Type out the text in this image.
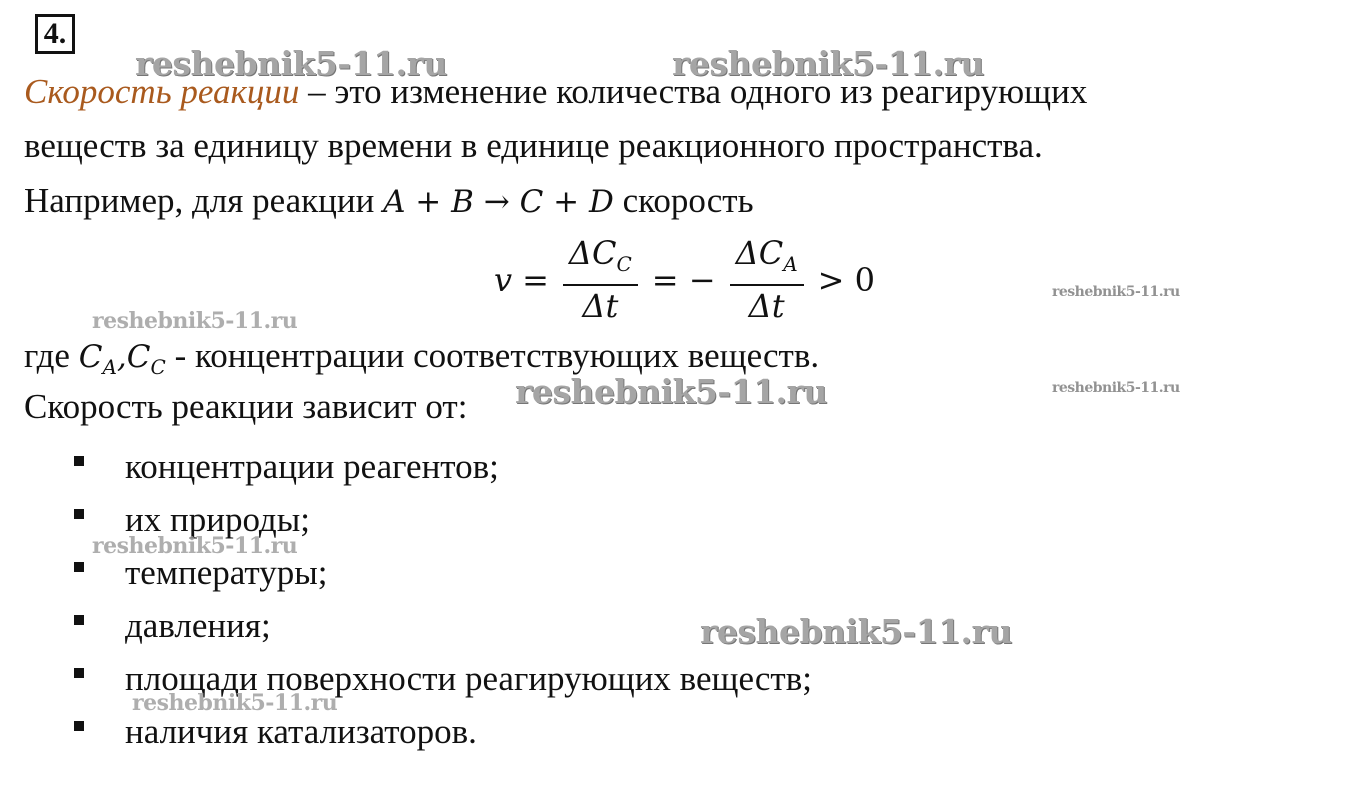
4.
Скорость реакции – это изменение количества одного из реагирующих
веществ за единицу времени в единице реакционного пространства.
Например, для реакции A + B → C + D скорость
$v = \frac{\Delta C_C}{\Delta t}$ = − $\frac{\Delta C_A}{\Delta t} > 0$
где $C_A,C_C$ - концентрации соответствующих веществ.
Скорость реакции зависит от:
концентрации реагентов;
их природы;
температуры;
давления;
площади поверхности реагирующих веществ;
наличия катализаторов.
reshebnik5-11.ru	reshebnik5-11.ru
reshebnik5-11.ru
reshebnik5-11.ru
reshebnik5-11.ru	reshebnik5-11.ru
reshebnik5-11.ru
reshebnik5-11.ru
reshebnik5-11.ru
